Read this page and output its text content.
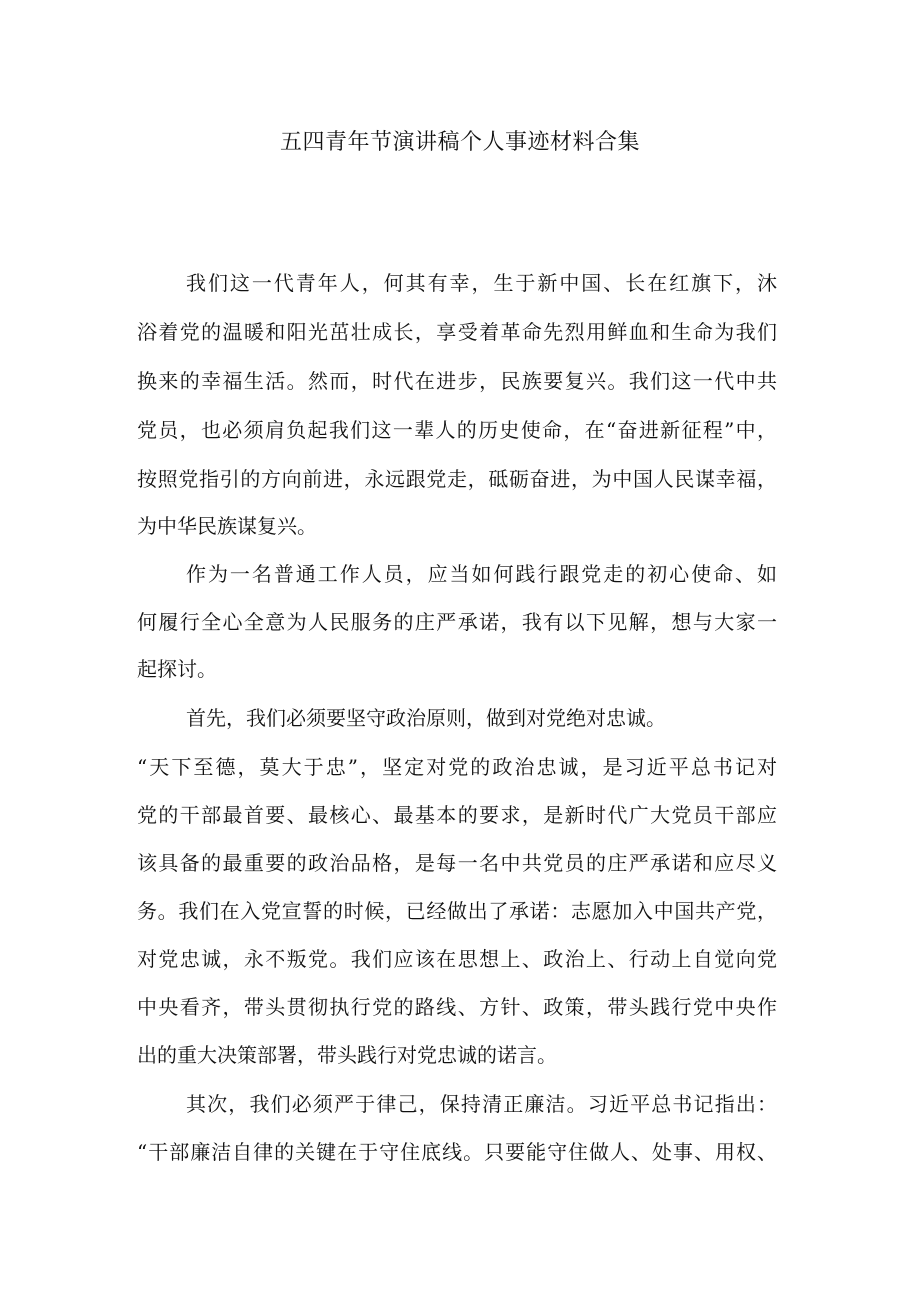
五四青年节演讲稿个人事迹材料合集
我们这一代青年人，何其有幸，生于新中国、长在红旗下，沐
浴着党的温暖和阳光茁壮成长，享受着革命先烈用鲜血和生命为我们
换来的幸福生活。然而，时代在进步，民族要复兴。我们这一代中共
党员，也必须肩负起我们这一辈人的历史使命，在“奋进新征程”中，
按照党指引的方向前进，永远跟党走，砥砺奋进，为中国人民谋幸福，
为中华民族谋复兴。
作为一名普通工作人员，应当如何践行跟党走的初心使命、如
何履行全心全意为人民服务的庄严承诺，我有以下见解，想与大家一
起探讨。
首先，我们必须要坚守政治原则，做到对党绝对忠诚。
“天下至德，莫大于忠”，坚定对党的政治忠诚，是习近平总书记对
党的干部最首要、最核心、最基本的要求，是新时代广大党员干部应
该具备的最重要的政治品格，是每一名中共党员的庄严承诺和应尽义
务。我们在入党宣誓的时候，已经做出了承诺：志愿加入中国共产党，
对党忠诚，永不叛党。我们应该在思想上、政治上、行动上自觉向党
中央看齐，带头贯彻执行党的路线、方针、政策，带头践行党中央作
出的重大决策部署，带头践行对党忠诚的诺言。
其次，我们必须严于律己，保持清正廉洁。习近平总书记指出：
“干部廉洁自律的关键在于守住底线。只要能守住做人、处事、用权、
